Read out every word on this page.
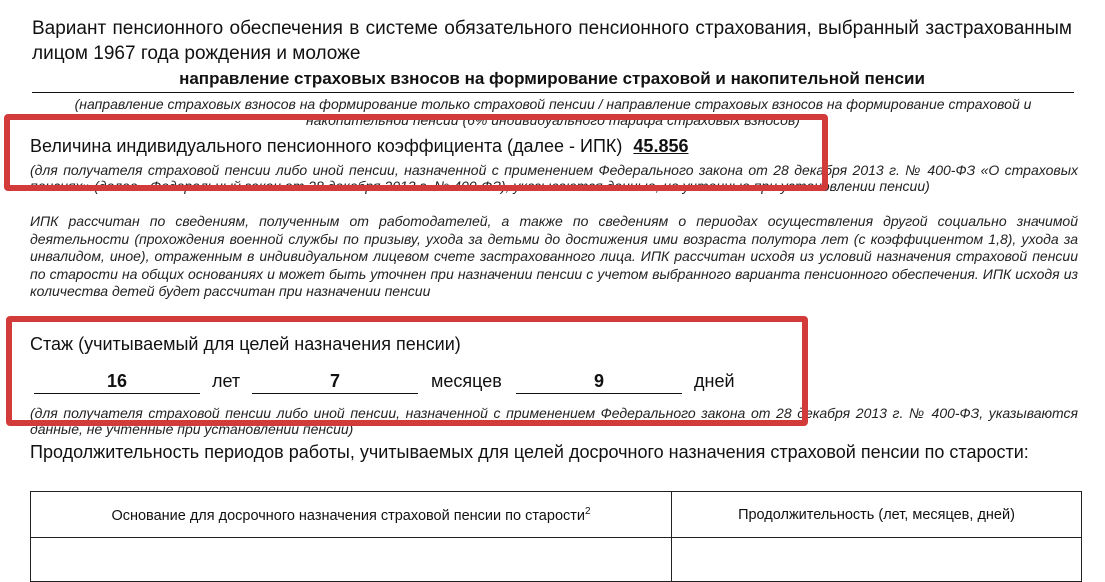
Вариант пенсионного обеспечения в системе обязательного пенсионного страхования, выбранный застрахованным лицом 1967 года рождения и моложе
направление страховых взносов на формирование страховой и накопительной пенсии
(направление страховых взносов на формирование только страховой пенсии / направление страховых взносов на формирование страховой и накопительной пенсии (6% индивидуального тарифа страховых взносов)
Величина индивидуального пенсионного коэффициента (далее - ИПК) 45.856
(для получателя страховой пенсии либо иной пенсии, назначенной с применением Федерального закона от 28 декабря 2013 г. № 400-ФЗ «О страховых пенсиях» (далее - Федеральный закон от 28 декабря 2013 г. № 400-ФЗ), указываются данные, не учтенные при установлении пенсии)
ИПК рассчитан по сведениям, полученным от работодателей, а также по сведениям о периодах осуществления другой социально значимой деятельности (прохождения военной службы по призыву, ухода за детьми до достижения ими возраста полутора лет (с коэффициентом 1,8), ухода за инвалидом, иное), отраженным в индивидуальном лицевом счете застрахованного лица. ИПК рассчитан исходя из условий назначения страховой пенсии по старости на общих основаниях и может быть уточнен при назначении пенсии с учетом выбранного варианта пенсионного обеспечения. ИПК исходя из количества детей будет рассчитан при назначении пенсии
Стаж (учитываемый для целей назначения пенсии)
16	лет	7	месяцев	9	дней
(для получателя страховой пенсии либо иной пенсии, назначенной с применением Федерального закона от 28 декабря 2013 г. № 400-ФЗ, указываются данные, не учтенные при установлении пенсии)
Продолжительность периодов работы, учитываемых для целей досрочного назначения страховой пенсии по старости:
Основание для досрочного назначения страховой пенсии по старости$^2$	Продолжительность (лет, месяцев, дней)
